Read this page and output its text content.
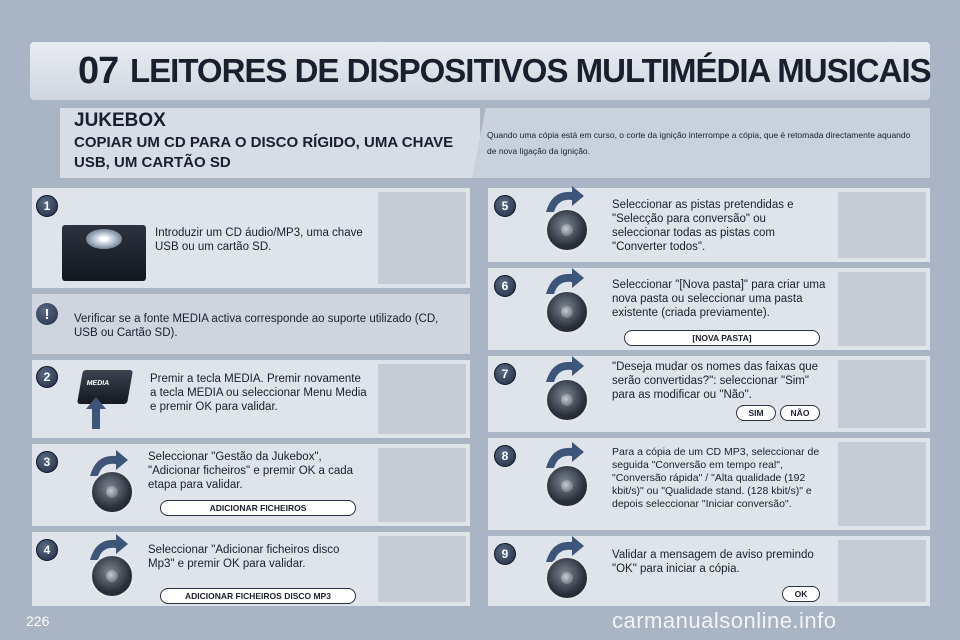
07 LEITORES DE DISPOSITIVOS MULTIMÉDIA MUSICAIS
JUKEBOX
COPIAR UM CD PARA O DISCO RÍGIDO, UMA CHAVE USB, UM CARTÃO SD
Quando uma cópia está em curso, o corte da ignição interrompe a cópia, que é retomada directamente aquando de nova ligação da ignição.
1
Introduzir um CD áudio/MP3, uma chave USB ou um cartão SD.
!	Verificar se a fonte MEDIA activa corresponde ao suporte utilizado (CD, USB ou Cartão SD).
2	MEDIA	Premir a tecla MEDIA. Premir novamente a tecla MEDIA ou seleccionar Menu Media e premir OK para validar.
3	Seleccionar "Gestão da Jukebox", "Adicionar ficheiros" e premir OK a cada etapa para validar.
ADICIONAR FICHEIROS
4	Seleccionar "Adicionar ficheiros disco Mp3" e premir OK para validar.
ADICIONAR FICHEIROS DISCO MP3
5	Seleccionar as pistas pretendidas e "Selecção para conversão" ou seleccionar todas as pistas com "Converter todos".
6	Seleccionar "[Nova pasta]" para criar uma nova pasta ou seleccionar uma pasta existente (criada previamente).
[NOVA PASTA]
7	"Deseja mudar os nomes das faixas que serão convertidas?": seleccionar "Sim" para as modificar ou "Não".
SIM	NÃO
8	Para a cópia de um CD MP3, seleccionar de seguida "Conversão em tempo real", "Conversão rápida" / "Alta qualidade (192 kbit/s)" ou "Qualidade stand. (128 kbit/s)" e depois seleccionar "Iniciar conversão".
9	Validar a mensagem de aviso premindo "OK" para iniciar a cópia.
OK
226	carmanualsonline.info
